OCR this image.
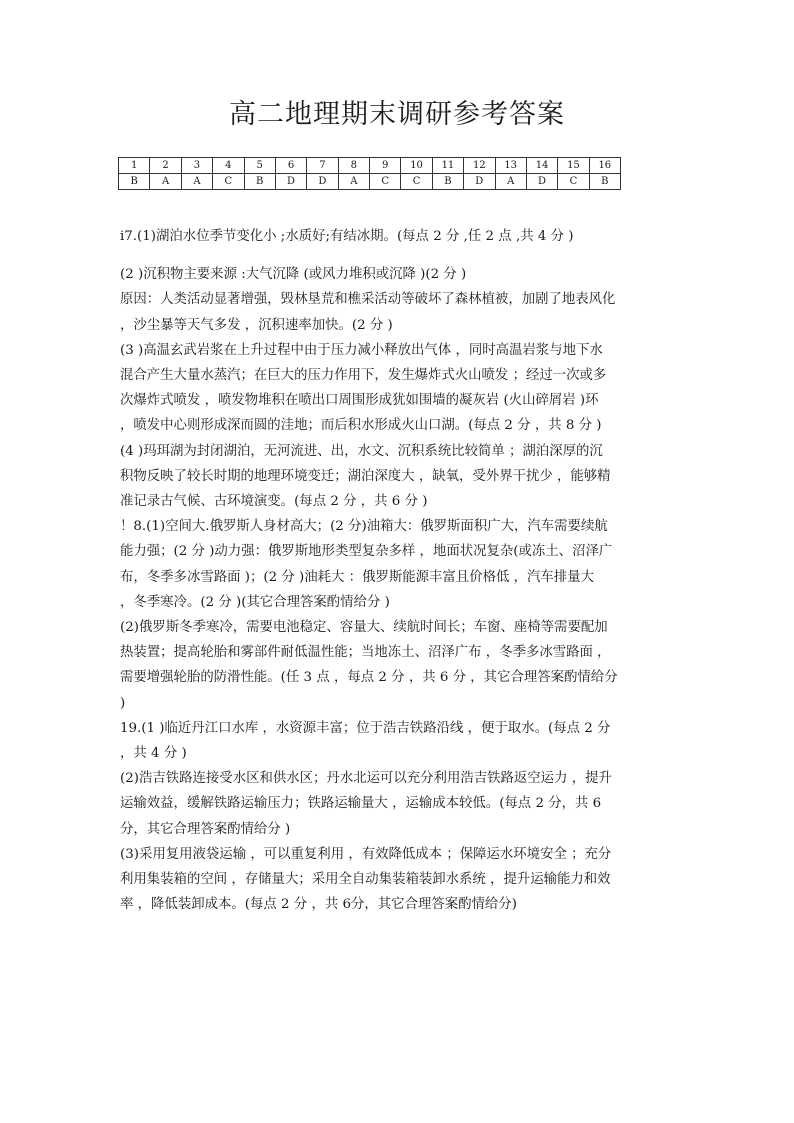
高二地理期末调研参考答案
1	2	3	4	5	6	7	8	9	10	11	12	13	14	15	16
B	A	A	C	B	D	D	A	C	C	B	D	A	D	C	B

i7.(1)湖泊水位季节变化小 ;水质好;有结冰期。(每点 2 分 ,任 2 点 ,共 4 分 )

(2 )沉积物主要来源 :大气沉降 (或风力堆积或沉降 )(2 分 )

原因：人类活动显著增强，毁林垦荒和樵采活动等破坏了森林植被，加剧了地表风化

，沙尘暴等天气多发 ，沉积速率加快。(2 分 )

(3 )高温玄武岩浆在上升过程中由于压力减小释放出气体 ，同时高温岩浆与地下水

混合产生大量水蒸汽；在巨大的压力作用下，发生爆炸式火山喷发 ；经过一次或多

次爆炸式喷发 ，喷发物堆积在喷出口周围形成犹如围墙的凝灰岩 (火山碎屑岩 )环

，喷发中心则形成深而圆的洼地；而后积水形成火山口湖。(每点 2 分 ，共 8 分 )

(4 )玛珥湖为封闭湖泊，无河流进、出，水文、沉积系统比较简单 ；湖泊深厚的沉

积物反映了较长时期的地理环境变迁；湖泊深度大 ，缺氧，受外界干扰少 ，能够精

准记录古气候、古环境演变。(每点 2 分 ，共 6 分 )

！8.(1)空间大.俄罗斯人身材高大；(2 分)油箱大：俄罗斯面积广大，汽车需要续航

能力强；(2 分 )动力强：俄罗斯地形类型复杂多样 ，地面状况复杂(或冻土、沼泽广

布，冬季多冰雪路面 )；(2 分 )油耗大 ：俄罗斯能源丰富且价格低 ，汽车排量大

，冬季寒冷。(2 分 )(其它合理答案酌情给分 )

(2)俄罗斯冬季寒冷，需要电池稳定、容量大、续航时间长；车窗、座椅等需要配加

热装置；提高轮胎和雾部件耐低温性能；当地冻土、沼泽广布 ，冬季多冰雪路面 ，

需要增强轮胎的防滑性能。(任 3 点 ，每点 2 分 ，共 6 分 ，其它合理答案酌情给分

)

19.(1 )临近丹江口水库 ，水资源丰富；位于浩吉铁路沿线 ，便于取水。(每点 2 分

，共 4 分 )

(2)浩吉铁路连接受水区和供水区；丹水北运可以充分利用浩吉铁路返空运力 ，提升

运输效益，缓解铁路运输压力；铁路运输量大 ，运输成本较低。(每点 2 分，共 6

分，其它合理答案酌情给分 )

(3)采用复用液袋运输 ，可以重复利用 ，有效降低成本 ；保障运水环境安全 ；充分

利用集装箱的空间 ，存储量大；采用全自动集装箱装卸水系统 ，提升运输能力和效

率 ，降低装卸成本。(每点 2 分 ，共 6分，其它合理答案酌情给分)
